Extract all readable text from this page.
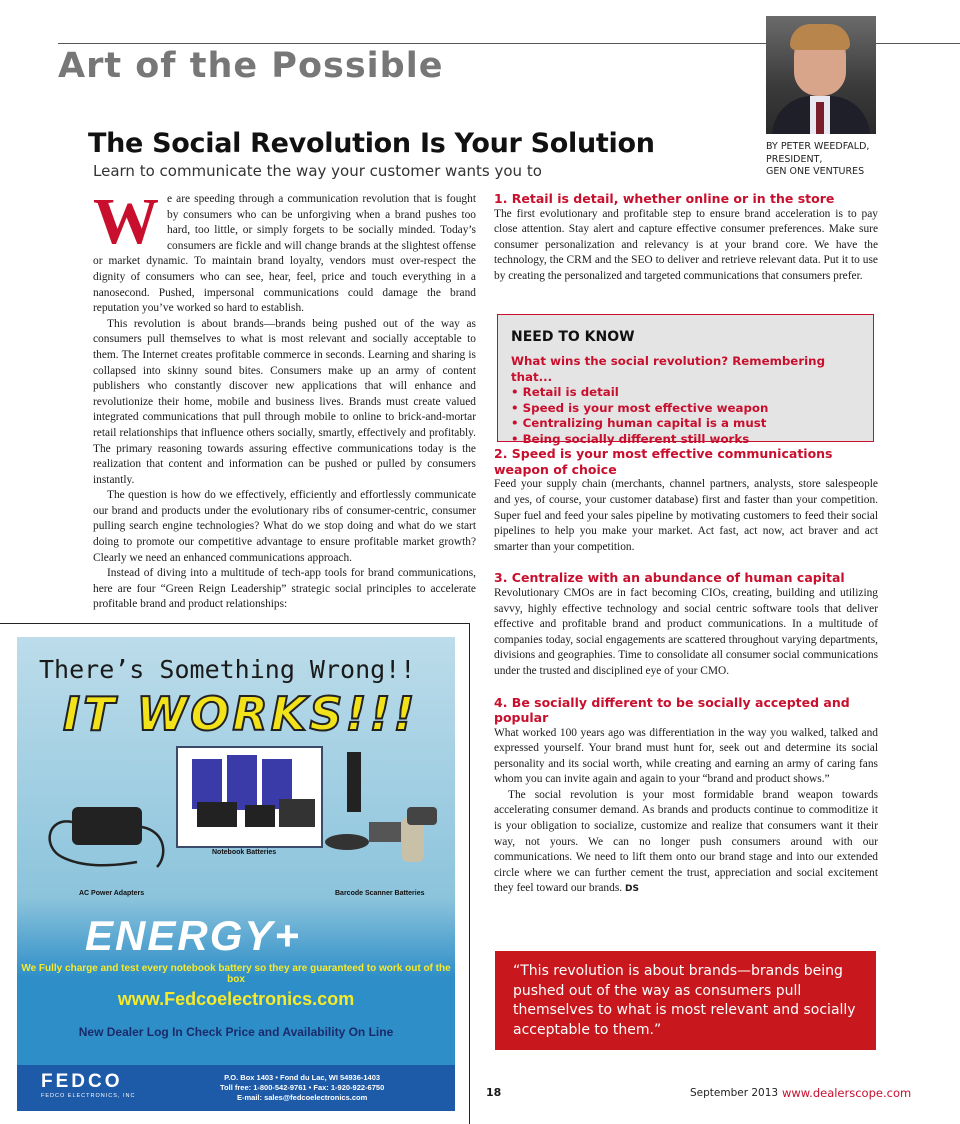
Art of the Possible
BY PETER WEEDFALD,
PRESIDENT,
GEN ONE VENTURES
The Social Revolution Is Your Solution
Learn to communicate the way your customer wants you to
W e are speeding through a communication revolution that is fought by consumers who can be unforgiving when a brand pushes too hard, too little, or simply forgets to be socially minded. Today’s consumers are fickle and will change brands at the slightest offense or market dynamic. To maintain brand loyalty, vendors must over-respect the dignity of consumers who can see, hear, feel, price and touch everything in a nanosecond. Pushed, impersonal communications could damage the brand reputation you’ve worked so hard to establish.

This revolution is about brands—brands being pushed out of the way as consumers pull themselves to what is most relevant and socially acceptable to them. The Internet creates profitable commerce in seconds. Learning and sharing is collapsed into skinny sound bites. Consumers make up an army of content publishers who constantly discover new applications that will enhance and revolutionize their home, mobile and business lives. Brands must create valued integrated communications that pull through mobile to online to brick-and-mortar retail relationships that influence others socially, smartly, effectively and profitably. The primary reasoning towards assuring effective communications today is the realization that content and information can be pushed or pulled by consumers instantly.

The question is how do we effectively, efficiently and effortlessly communicate our brand and products under the evolutionary ribs of consumer-centric, consumer pulling search engine technologies? What do we stop doing and what do we start doing to promote our competitive advantage to ensure profitable market growth? Clearly we need an enhanced communications approach.

Instead of diving into a multitude of tech-app tools for brand communications, here are four “Green Reign Leadership” strategic social principles to accelerate profitable brand and product relationships:

1. Retail is detail, whether online or in the store

The first evolutionary and profitable step to ensure brand acceleration is to pay close attention. Stay alert and capture effective consumer preferences. Make sure consumer personalization and relevancy is at your brand core. We have the technology, the CRM and the SEO to deliver and retrieve relevant data. Put it to use by creating the personalized and targeted communications that consumers prefer.

2. Speed is your most effective communications weapon of choice

Feed your supply chain (merchants, channel partners, analysts, store salespeople and yes, of course, your customer database) first and faster than your competition. Super fuel and feed your sales pipeline by motivating customers to feed their social pipelines to help you make your market. Act fast, act now, act braver and act smarter than your competition.

3. Centralize with an abundance of human capital

Revolutionary CMOs are in fact becoming CIOs, creating, building and utilizing savvy, highly effective technology and social centric software tools that deliver effective and profitable brand and product communications. In a multitude of companies today, social engagements are scattered throughout varying departments, divisions and geographies. Time to consolidate all consumer social communications under the trusted and disciplined eye of your CMO.

4. Be socially different to be socially accepted and popular

What worked 100 years ago was differentiation in the way you walked, talked and expressed yourself. Your brand must hunt for, seek out and determine its social personality and its social worth, while creating and earning an army of caring fans whom you can invite again and again to your “brand and product shows.”

The social revolution is your most formidable brand weapon towards accelerating consumer demand. As brands and products continue to commoditize it is your obligation to socialize, customize and realize that consumers want it their way, not yours. We can no longer push consumers around with our communications. We need to lift them onto our brand stage and into our extended circle where we can further cement the trust, appreciation and social excitement they feel toward our brands. DS

NEED TO KNOW
What wins the social revolution? Remembering that...
• Retail is detail
• Speed is your most effective weapon
• Centralizing human capital is a must
• Being socially different still works
“This revolution is about brands—brands being pushed out of the way as consumers pull themselves to what is most relevant and socially acceptable to them.”
There’s Something Wrong!!
IT WORKS!!!
Notebook Batteries
AC Power Adapters	Barcode Scanner Batteries
ENERGY+
We Fully charge and test every notebook battery so they are guaranteed to work out of the box
www.Fedcoelectronics.com
New Dealer Log In Check Price and Availability On Line
FEDCO
FEDCO ELECTRONICS, INC
P.O. Box 1403 • Fond du Lac, WI 54936-1403
Toll free: 1-800-542-9761 • Fax: 1-920-922-6750
E-mail: sales@fedcoelectronics.com	18	September 2013 www.dealerscope.com
